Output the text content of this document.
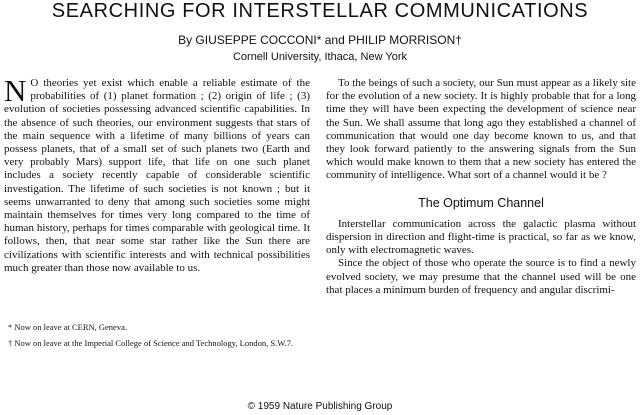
SEARCHING FOR INTERSTELLAR COMMUNICATIONS
By GIUSEPPE COCCONI* and PHILIP MORRISON†
Cornell University, Ithaca, New York

N O theories yet exist which enable a reliable estimate of the probabilities of (1) planet formation ; (2) origin of life ; (3) evolution of societies possessing advanced scientific capabilities. In the absence of such theories, our environment suggests that stars of the main sequence with a lifetime of many billions of years can possess planets, that of a small set of such planets two (Earth and very probably Mars) support life, that life on one such planet includes a society recently capable of considerable scientific investigation. The lifetime of such societies is not known ; but it seems unwarranted to deny that among such societies some might maintain themselves for times very long compared to the time of human history, perhaps for times comparable with geological time. It follows, then, that near some star rather like the Sun there are civilizations with scientific interests and with technical possibilities much greater than those now available to us.

* Now on leave at CERN, Geneva.
† Now on leave at the Imperial College of Science and Technology, London, S.W.7.

To the beings of such a society, our Sun must appear as a likely site for the evolution of a new society. It is highly probable that for a long time they will have been expecting the development of science near the Sun. We shall assume that long ago they established a channel of communication that would one day become known to us, and that they look forward patiently to the answering signals from the Sun which would make known to them that a new society has entered the community of intelligence. What sort of a channel would it be ?

The Optimum Channel

Interstellar communication across the galactic plasma without dispersion in direction and flight-time is practical, so far as we know, only with electromagnetic waves.

Since the object of those who operate the source is to find a newly evolved society, we may presume that the channel used will be one that places a minimum burden of frequency and angular discrimi-

© 1959 Nature Publishing Group
